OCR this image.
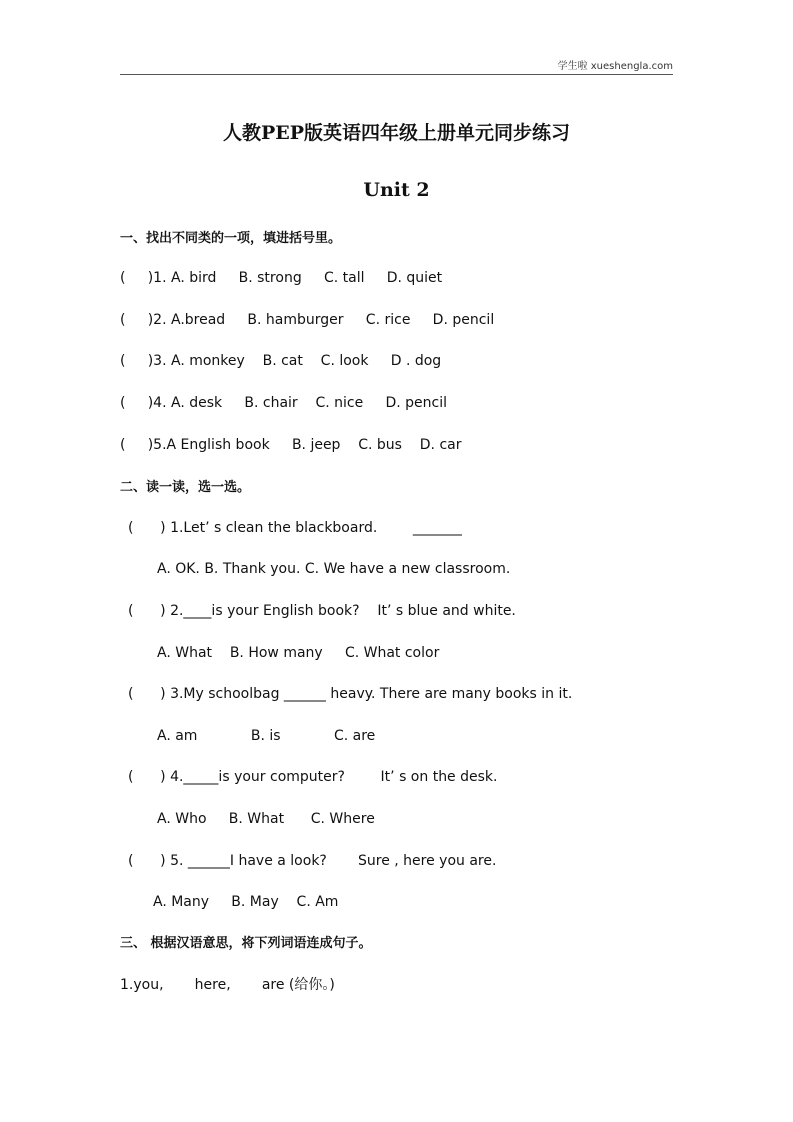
学生啦 xueshengla.com
人教PEP版英语四年级上册单元同步练习
Unit 2
一、找出不同类的一项，填进括号里。
(     )1. A. bird     B. strong     C. tall     D. quiet
(     )2. A.bread     B. hamburger     C. rice     D. pencil
(     )3. A. monkey    B. cat    C. look     D . dog
(     )4. A. desk     B. chair    C. nice     D. pencil
(     )5.A English book     B. jeep    C. bus    D. car
二、读一读，选一选。
(      ) 1.Let’ s clean the blackboard.        _______
A. OK. B. Thank you. C. We have a new classroom.
(      ) 2.____is your English book?    It’ s blue and white.
A. What    B. How many     C. What color
(      ) 3.My schoolbag ______ heavy. There are many books in it.
A. am            B. is            C. are
(      ) 4._____is your computer?        It’ s on the desk.
A. Who     B. What      C. Where
(      ) 5. ______I have a look?       Sure , here you are.
A. Many     B. May    C. Am
三、 根据汉语意思，将下列词语连成句子。
1.you,       here,       are (给你。)
